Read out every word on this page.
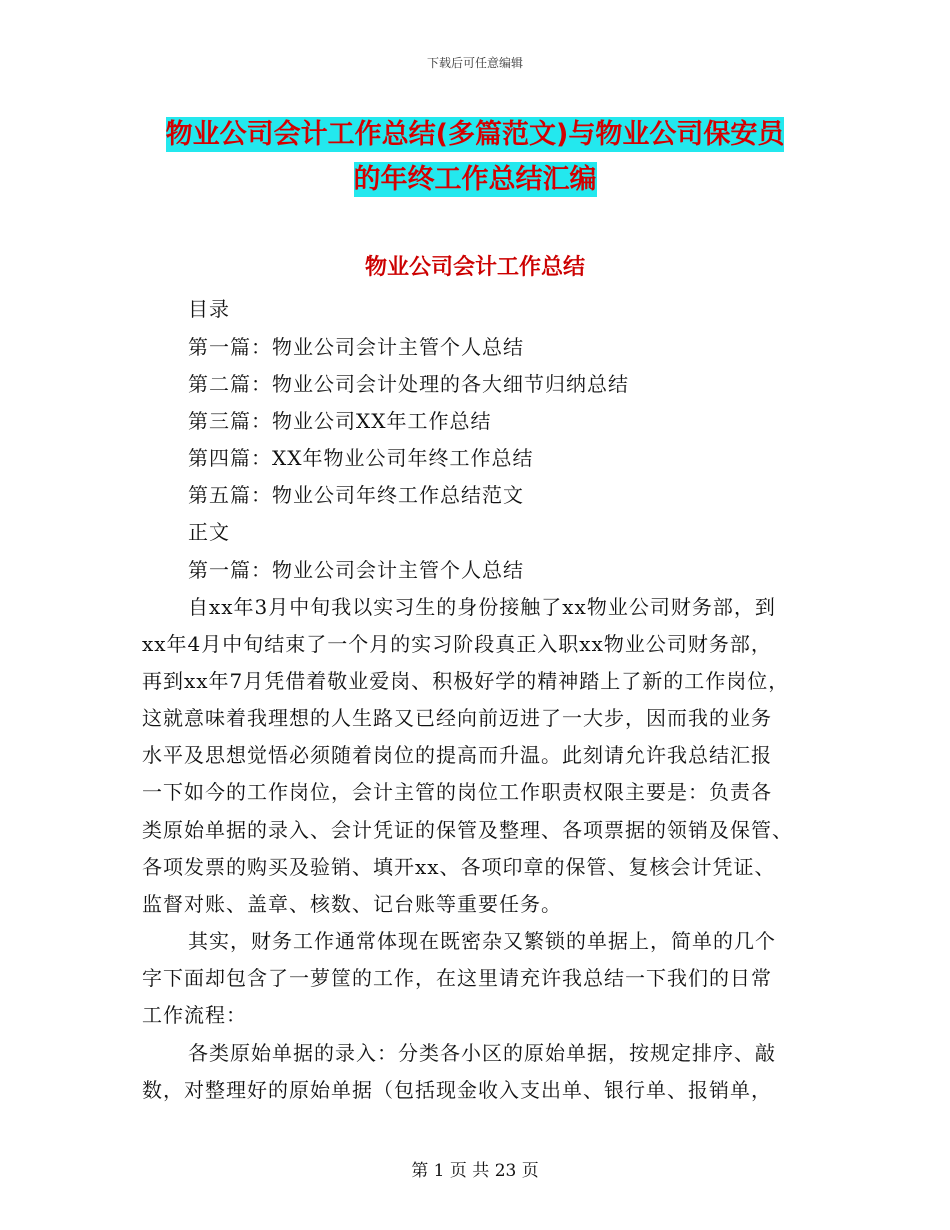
下载后可任意编辑
物业公司会计工作总结(多篇范文)与物业公司保安员
的年终工作总结汇编
物业公司会计工作总结
目录
第一篇：物业公司会计主管个人总结
第二篇：物业公司会计处理的各大细节归纳总结
第三篇：物业公司XX年工作总结
第四篇：XX年物业公司年终工作总结
第五篇：物业公司年终工作总结范文
正文
第一篇：物业公司会计主管个人总结
自xx年3月中旬我以实习生的身份接触了xx物业公司财务部，到
xx年4月中旬结束了一个月的实习阶段真正入职xx物业公司财务部，
再到xx年7月凭借着敬业爱岗、积极好学的精神踏上了新的工作岗位，
这就意味着我理想的人生路又已经向前迈进了一大步，因而我的业务
水平及思想觉悟必须随着岗位的提高而升温。此刻请允许我总结汇报
一下如今的工作岗位，会计主管的岗位工作职责权限主要是：负责各
类原始单据的录入、会计凭证的保管及整理、各项票据的领销及保管、
各项发票的购买及验销、填开xx、各项印章的保管、复核会计凭证、
监督对账、盖章、核数、记台账等重要任务。
其实，财务工作通常体现在既密杂又繁锁的单据上，简单的几个
字下面却包含了一萝筐的工作，在这里请充许我总结一下我们的日常
工作流程：
各类原始单据的录入：分类各小区的原始单据，按规定排序、敲
数，对整理好的原始单据（包括现金收入支出单、银行单、报销单，
第 1 页 共 23 页
